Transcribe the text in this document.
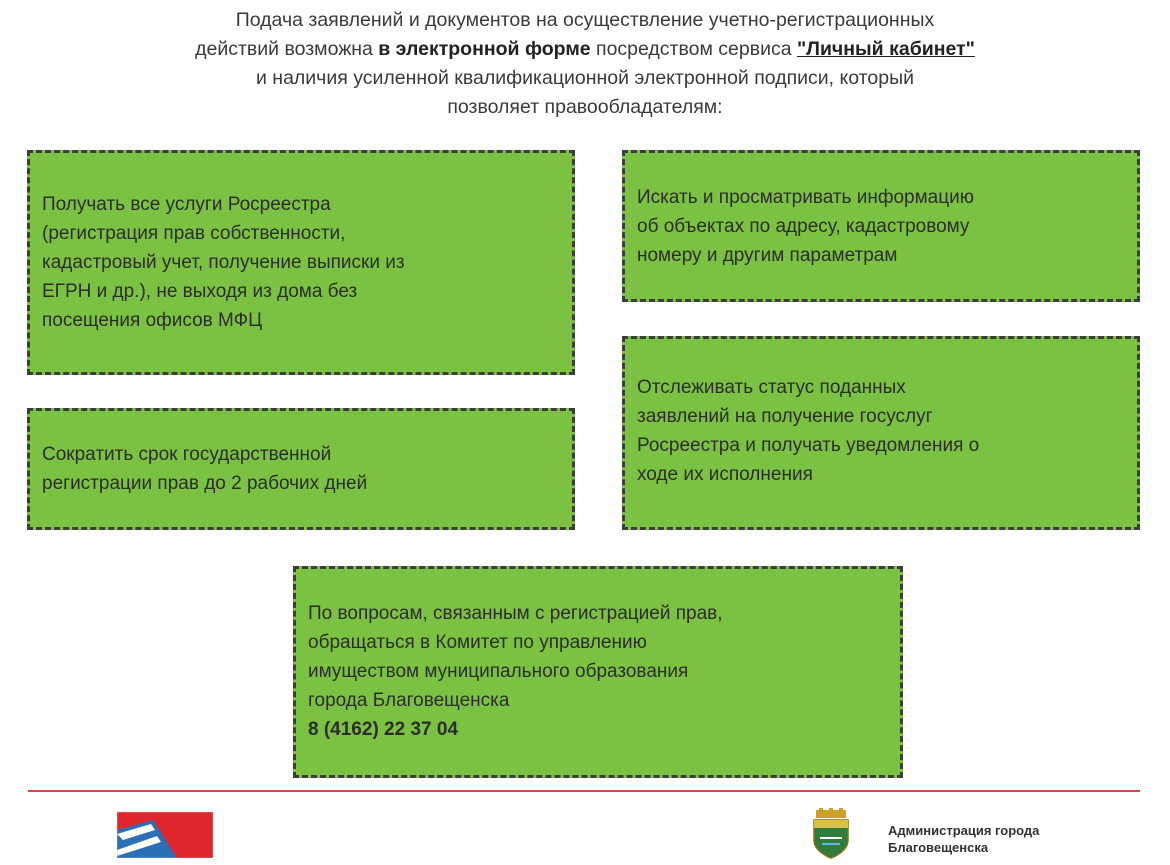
Подача заявлений и документов на осуществление учетно-регистрационных
действий возможна в электронной форме посредством сервиса "Личный кабинет"
и наличия усиленной квалификационной электронной подписи, который
позволяет правообладателям:
Получать все услуги Росреестра
(регистрация прав собственности,
кадастровый учет, получение выписки из
ЕГРН и др.), не выходя из дома без
посещения офисов МФЦ
Искать и просматривать информацию
об объектах по адресу, кадастровому
номеру и другим параметрам
Сократить срок государственной
регистрации прав до 2 рабочих дней
Отслеживать статус поданных
заявлений на получение госуслуг
Росреестра и получать уведомления о
ходе их исполнения
По вопросам, связанным с регистрацией прав,
обращаться в Комитет по управлению
имуществом муниципального образования
города Благовещенска
8 (4162) 22 37 04
Администрация города
Благовещенска
